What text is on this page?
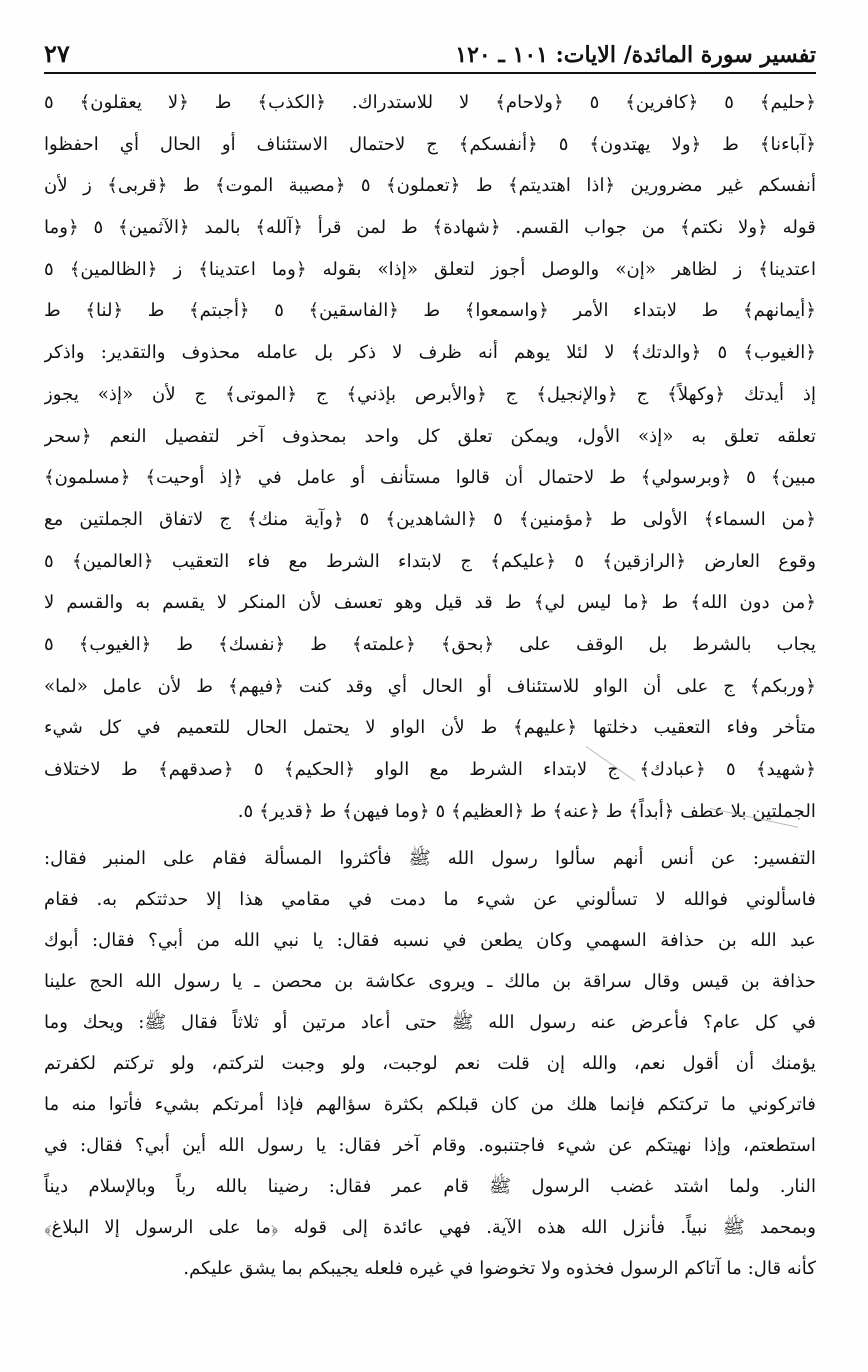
تفسير سورة المائدة/ الايات: ١٠١ ـ ١٢٠
٢٧
﴿حليم﴾ ٥ ﴿كافرين﴾ ٥ ﴿ولاحام﴾ لا للاستدراك. ﴿الكذب﴾ ط ﴿لا يعقلون﴾ ٥
﴿آباءنا﴾ ط ﴿ولا يهتدون﴾ ٥ ﴿أنفسكم﴾ ج لاحتمال الاستئناف أو الحال أي احفظوا
أنفسكم غير مضرورين ﴿اذا اهتديتم﴾ ط ﴿تعملون﴾ ٥ ﴿مصيبة الموت﴾ ط ﴿قربى﴾ ز لأن
قوله ﴿ولا نكتم﴾ من جواب القسم. ﴿شهادة﴾ ط لمن قرأ ﴿آلله﴾ بالمد ﴿الآثمين﴾ ٥ ﴿وما
اعتدينا﴾ ز لظاهر «إن» والوصل أجوز لتعلق «إذا» بقوله ﴿وما اعتدينا﴾ ز ﴿الظالمين﴾ ٥
﴿أيمانهم﴾ ط لابتداء الأمر ﴿واسمعوا﴾ ط ﴿الفاسقين﴾ ٥ ﴿أجبتم﴾ ط ﴿لنا﴾ ط
﴿الغيوب﴾ ٥ ﴿والدتك﴾ لا لئلا يوهم أنه ظرف لا ذكر بل عامله محذوف والتقدير: واذكر
إذ أيدتك ﴿وكهلاً﴾ ج ﴿والإنجيل﴾ ج ﴿والأبرص بإذني﴾ ج ﴿الموتى﴾ ج لأن «إذ» يجوز
تعلقه تعلق به «إذ» الأول، ويمكن تعلق كل واحد بمحذوف آخر لتفصيل النعم ﴿سحر
مبين﴾ ٥ ﴿وبرسولي﴾ ط لاحتمال أن قالوا مستأنف أو عامل في ﴿إذ أوحيت﴾ ﴿مسلمون﴾
﴿من السماء﴾ الأولى ط ﴿مؤمنين﴾ ٥ ﴿الشاهدين﴾ ٥ ﴿وآية منك﴾ ج لاتفاق الجملتين مع
وقوع العارض ﴿الرازقين﴾ ٥ ﴿عليكم﴾ ج لابتداء الشرط مع فاء التعقيب ﴿العالمين﴾ ٥
﴿من دون الله﴾ ط ﴿ما ليس لي﴾ ط قد قيل وهو تعسف لأن المنكر لا يقسم به والقسم لا
يجاب بالشرط بل الوقف على ﴿بحق﴾ ﴿علمته﴾ ط ﴿نفسك﴾ ط ﴿الغيوب﴾ ٥
﴿وربكم﴾ ج على أن الواو للاستئناف أو الحال أي وقد كنت ﴿فيهم﴾ ط لأن عامل «لما»
متأخر وفاء التعقيب دخلتها ﴿عليهم﴾ ط لأن الواو لا يحتمل الحال للتعميم في كل شيء
﴿شهيد﴾ ٥ ﴿عبادك﴾ ج لابتداء الشرط مع الواو ﴿الحكيم﴾ ٥ ﴿صدقهم﴾ ط لاختلاف
الجملتين بلا عطف ﴿أبداً﴾ ط ﴿عنه﴾ ط ﴿العظيم﴾ ٥ ﴿وما فيهن﴾ ط ﴿قدير﴾ ٥.
التفسير: عن أنس أنهم سألوا رسول الله ﷺ فأكثروا المسألة فقام على المنبر فقال:
فاسألوني فوالله لا تسألوني عن شيء ما دمت في مقامي هذا إلا حدثتكم به. فقام
عبد الله بن حذافة السهمي وكان يطعن في نسبه فقال: يا نبي الله من أبي؟ فقال: أبوك
حذافة بن قيس وقال سراقة بن مالك ـ ويروى عكاشة بن محصن ـ يا رسول الله الحج علينا
في كل عام؟ فأعرض عنه رسول الله ﷺ حتى أعاد مرتين أو ثلاثاً فقال ﷺ: ويحك وما
يؤمنك أن أقول نعم، والله إن قلت نعم لوجبت، ولو وجبت لتركتم، ولو تركتم لكفرتم
فاتركوني ما تركتكم فإنما هلك من كان قبلكم بكثرة سؤالهم فإذا أمرتكم بشيء فأتوا منه ما
استطعتم، وإذا نهيتكم عن شيء فاجتنبوه. وقام آخر فقال: يا رسول الله أين أبي؟ فقال: في
النار. ولما اشتد غضب الرسول ﷺ قام عمر فقال: رضينا بالله رباً وبالإسلام ديناً
وبمحمد ﷺ نبياً. فأنزل الله هذه الآية. فهي عائدة إلى قوله ﴿ما على الرسول إلا البلاغ﴾
كأنه قال: ما آتاكم الرسول فخذوه ولا تخوضوا في غيره فلعله يجيبكم بما يشق عليكم.
